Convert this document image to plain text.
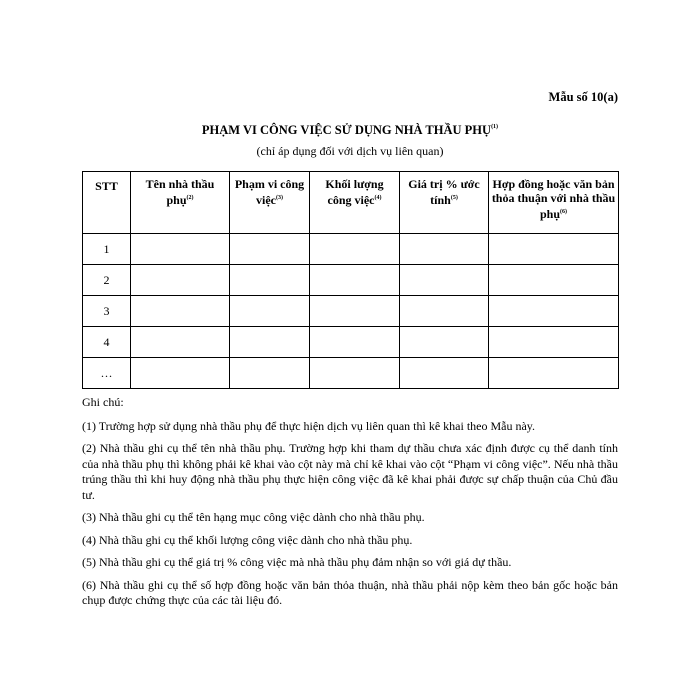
Mẫu số 10(a)
PHẠM VI CÔNG VIỆC SỬ DỤNG NHÀ THẦU PHỤ$^{(1)}$
(chỉ áp dụng đối với dịch vụ liên quan)
STT	Tên nhà thầu phụ$^{(2)}$	Phạm vi công việc$^{(3)}$	Khối lượng công việc$^{(4)}$	Giá trị % ước tính$^{(5)}$	Hợp đồng hoặc văn bản thỏa thuận với nhà thầu phụ$^{(6)}$
1					
2					
3					
4					
…					

Ghi chú:

(1) Trường hợp sử dụng nhà thầu phụ để thực hiện dịch vụ liên quan thì kê khai theo Mẫu này.

(2) Nhà thầu ghi cụ thể tên nhà thầu phụ. Trường hợp khi tham dự thầu chưa xác định được cụ thể danh tính của nhà thầu phụ thì không phải kê khai vào cột này mà chỉ kê khai vào cột “Phạm vi công việc”. Nếu nhà thầu trúng thầu thì khi huy động nhà thầu phụ thực hiện công việc đã kê khai phải được sự chấp thuận của Chủ đầu tư.

(3) Nhà thầu ghi cụ thể tên hạng mục công việc dành cho nhà thầu phụ.

(4) Nhà thầu ghi cụ thể khối lượng công việc dành cho nhà thầu phụ.

(5) Nhà thầu ghi cụ thể giá trị % công việc mà nhà thầu phụ đảm nhận so với giá dự thầu.

(6) Nhà thầu ghi cụ thể số hợp đồng hoặc văn bản thỏa thuận, nhà thầu phải nộp kèm theo bản gốc hoặc bản chụp được chứng thực của các tài liệu đó.
